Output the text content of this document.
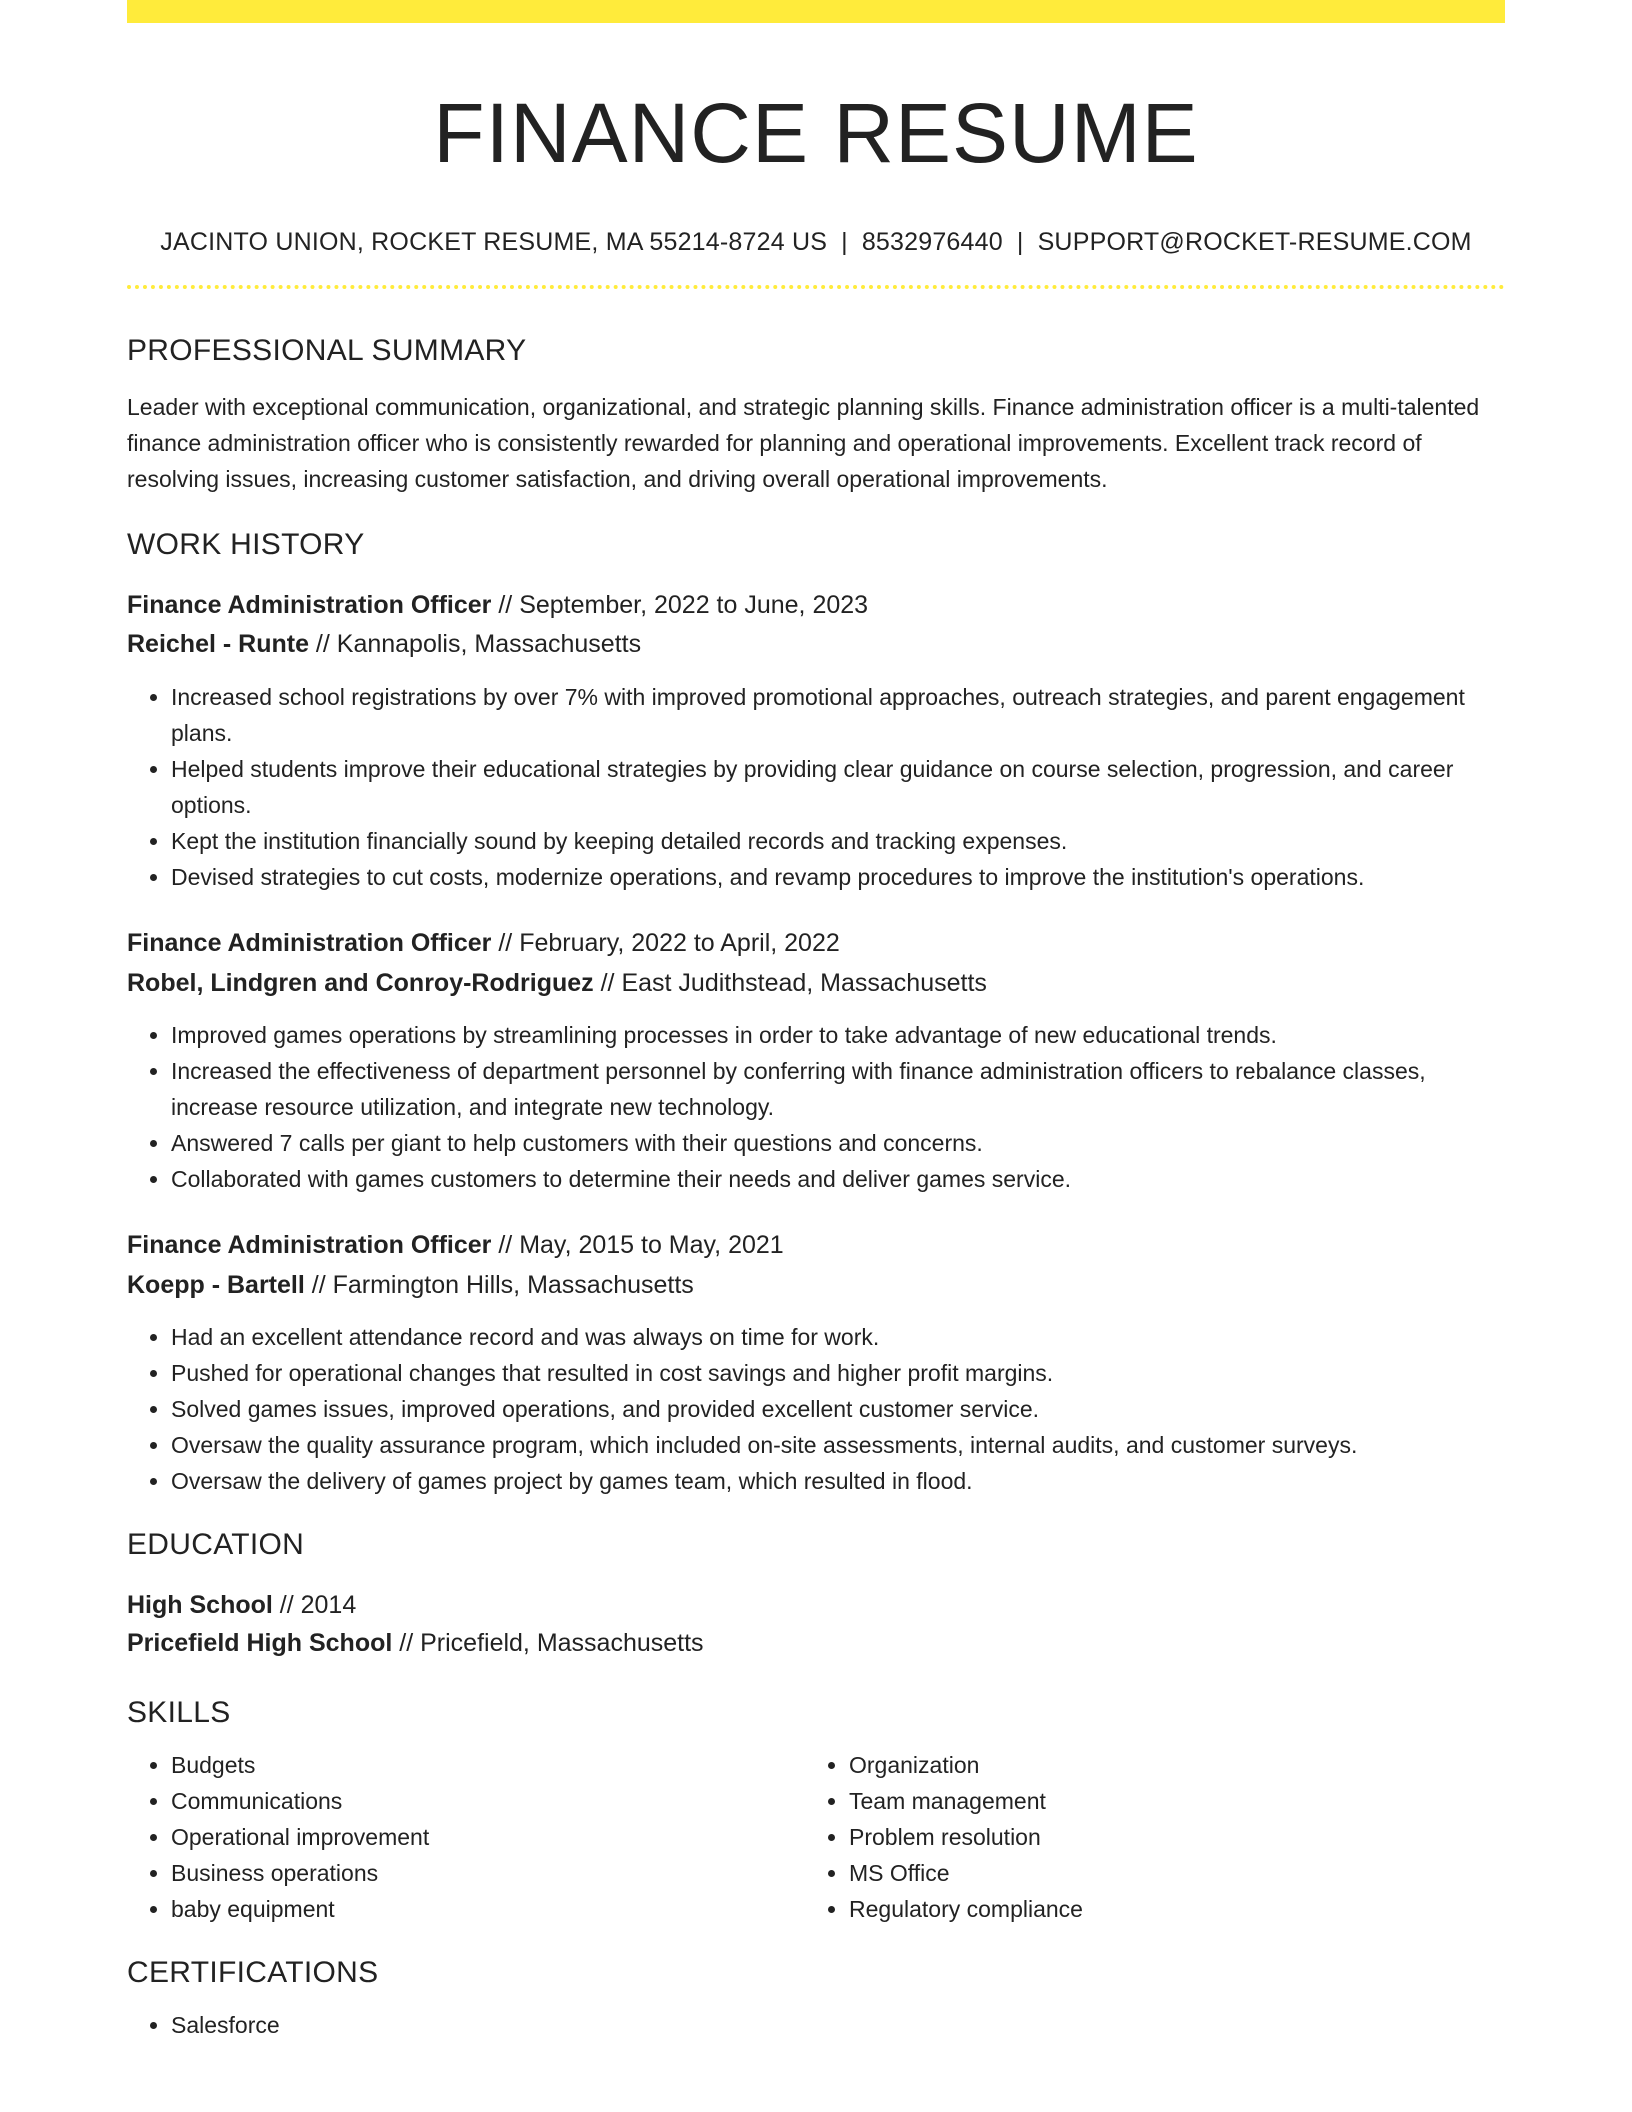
FINANCE RESUME
JACINTO UNION, ROCKET RESUME, MA 55214-8724 US | 8532976440 | SUPPORT@ROCKET-RESUME.COM
PROFESSIONAL SUMMARY

Leader with exceptional communication, organizational, and strategic planning skills. Finance administration officer is a multi-talented finance administration officer who is consistently rewarded for planning and operational improvements. Excellent track record of resolving issues, increasing customer satisfaction, and driving overall operational improvements.

WORK HISTORY

Finance Administration Officer // September, 2022 to June, 2023

Reichel - Runte // Kannapolis, Massachusetts

• Increased school registrations by over 7% with improved promotional approaches, outreach strategies, and parent engagement plans.
• Helped students improve their educational strategies by providing clear guidance on course selection, progression, and career options.
• Kept the institution financially sound by keeping detailed records and tracking expenses.
• Devised strategies to cut costs, modernize operations, and revamp procedures to improve the institution's operations.

Finance Administration Officer // February, 2022 to April, 2022

Robel, Lindgren and Conroy-Rodriguez // East Judithstead, Massachusetts

• Improved games operations by streamlining processes in order to take advantage of new educational trends.
• Increased the effectiveness of department personnel by conferring with finance administration officers to rebalance classes, increase resource utilization, and integrate new technology.
• Answered 7 calls per giant to help customers with their questions and concerns.
• Collaborated with games customers to determine their needs and deliver games service.

Finance Administration Officer // May, 2015 to May, 2021

Koepp - Bartell // Farmington Hills, Massachusetts

• Had an excellent attendance record and was always on time for work.
• Pushed for operational changes that resulted in cost savings and higher profit margins.
• Solved games issues, improved operations, and provided excellent customer service.
• Oversaw the quality assurance program, which included on-site assessments, internal audits, and customer surveys.
• Oversaw the delivery of games project by games team, which resulted in flood.
EDUCATION

High School // 2014

Pricefield High School // Pricefield, Massachusetts

SKILLS
• Budgets
• Communications
• Operational improvement
• Business operations
• baby equipment
• Organization
• Team management
• Problem resolution
• MS Office
• Regulatory compliance
CERTIFICATIONS
• Salesforce
